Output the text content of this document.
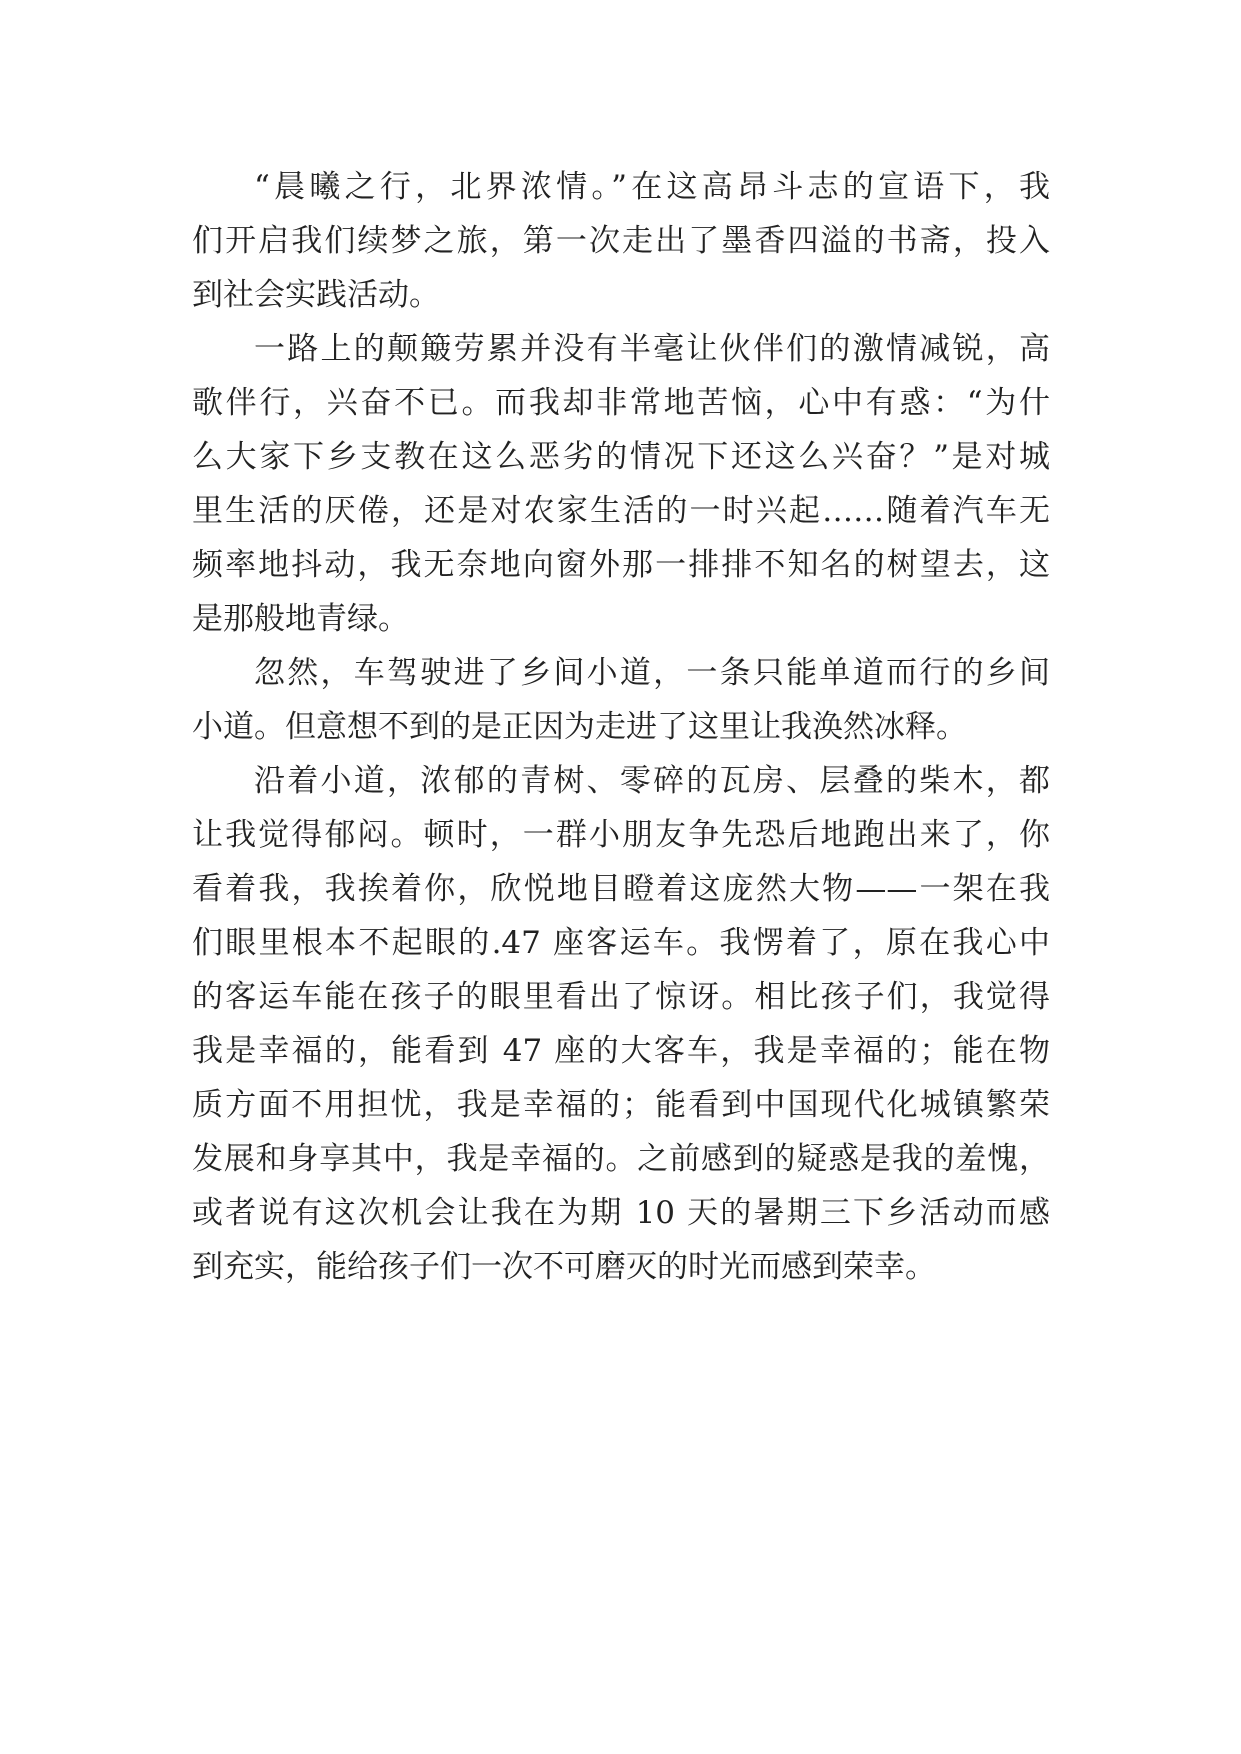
“晨曦之行，北界浓情。”在这高昂斗志的宣语下，我
们开启我们续梦之旅，第一次走出了墨香四溢的书斋，投入
到社会实践活动。
一路上的颠簸劳累并没有半毫让伙伴们的激情减锐，高
歌伴行，兴奋不已。而我却非常地苦恼，心中有惑：“为什
么大家下乡支教在这么恶劣的情况下还这么兴奋？”是对城
里生活的厌倦，还是对农家生活的一时兴起……随着汽车无
频率地抖动，我无奈地向窗外那一排排不知名的树望去，这
是那般地青绿。
忽然，车驾驶进了乡间小道，一条只能单道而行的乡间
小道。但意想不到的是正因为走进了这里让我涣然冰释。
沿着小道，浓郁的青树、零碎的瓦房、层叠的柴木，都
让我觉得郁闷。顿时，一群小朋友争先恐后地跑出来了，你
看着我，我挨着你，欣悦地目瞪着这庞然大物——一架在我
们眼里根本不起眼的.47 座客运车。我愣着了，原在我心中
的客运车能在孩子的眼里看出了惊讶。相比孩子们，我觉得
我是幸福的，能看到 47 座的大客车，我是幸福的；能在物
质方面不用担忧，我是幸福的；能看到中国现代化城镇繁荣
发展和身享其中，我是幸福的。之前感到的疑惑是我的羞愧，
或者说有这次机会让我在为期 10 天的暑期三下乡活动而感
到充实，能给孩子们一次不可磨灭的时光而感到荣幸。
